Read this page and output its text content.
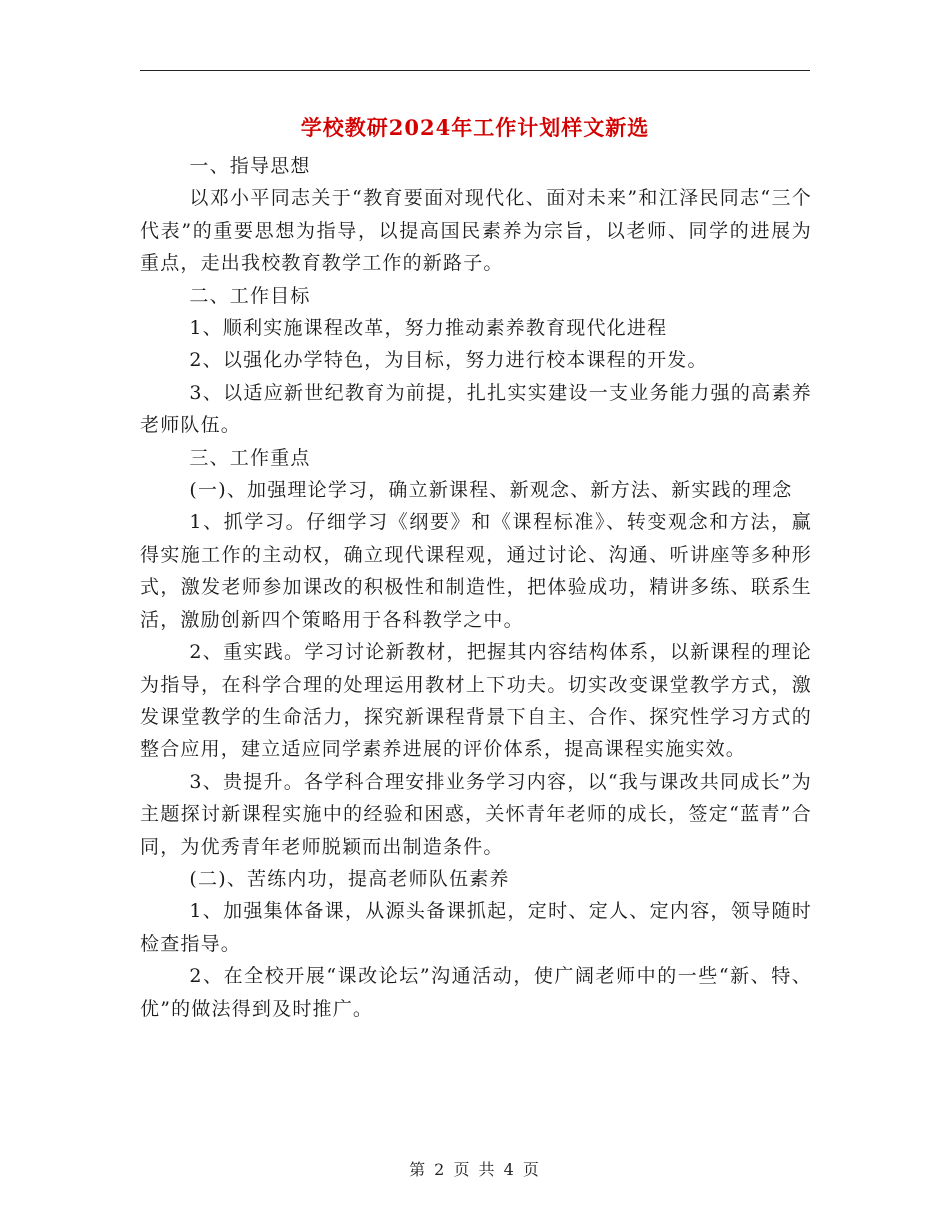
学校教研2024年工作计划样文新选

一、指导思想

以邓小平同志关于“教育要面对现代化、面对未来”和江泽民同志“三个代表”的重要思想为指导，以提高国民素养为宗旨，以老师、同学的进展为重点，走出我校教育教学工作的新路子。

二、工作目标

1、顺利实施课程改革，努力推动素养教育现代化进程

2、以强化办学特色，为目标，努力进行校本课程的开发。

3、以适应新世纪教育为前提，扎扎实实建设一支业务能力强的高素养老师队伍。

三、工作重点

(一)、加强理论学习，确立新课程、新观念、新方法、新实践的理念

1、抓学习。仔细学习《纲要》和《课程标准》、转变观念和方法，赢得实施工作的主动权，确立现代课程观，通过讨论、沟通、听讲座等多种形式，激发老师参加课改的积极性和制造性，把体验成功，精讲多练、联系生活，激励创新四个策略用于各科教学之中。

2、重实践。学习讨论新教材，把握其内容结构体系，以新课程的理论为指导，在科学合理的处理运用教材上下功夫。切实改变课堂教学方式，激发课堂教学的生命活力，探究新课程背景下自主、合作、探究性学习方式的整合应用，建立适应同学素养进展的评价体系，提高课程实施实效。

3、贵提升。各学科合理安排业务学习内容，以“我与课改共同成长”为主题探讨新课程实施中的经验和困惑，关怀青年老师的成长，签定“蓝青”合同，为优秀青年老师脱颖而出制造条件。

(二)、苦练内功，提高老师队伍素养

1、加强集体备课，从源头备课抓起，定时、定人、定内容，领导随时检查指导。

2、在全校开展“课改论坛”沟通活动，使广阔老师中的一些“新、特、优”的做法得到及时推广。

第 2 页 共 4 页
